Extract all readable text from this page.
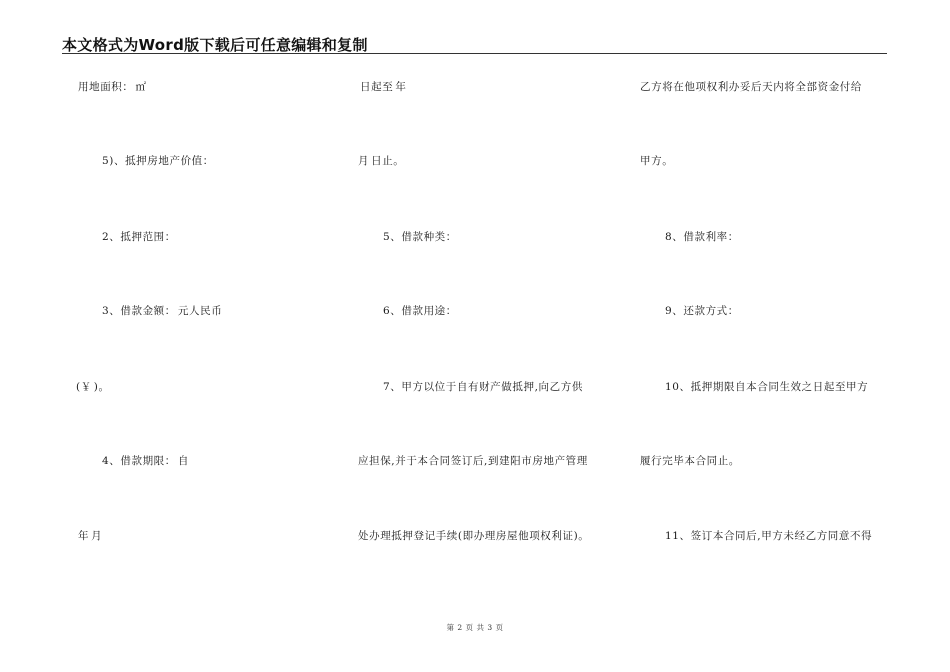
本文格式为Word版下载后可任意编辑和复制
用地面积： ㎡
5)、抵押房地产价值：
2、抵押范围：
3、借款金额： 元人民币
(￥ )。
4、借款期限： 自
年 月
日起至 年
月 日止。
5、借款种类：
6、借款用途：
7、甲方以位于自有财产做抵押,向乙方供
应担保,并于本合同签订后,到建阳市房地产管理
处办理抵押登记手续(即办理房屋他项权利证)。
乙方将在他项权利办妥后天内将全部资金付给
甲方。
8、借款利率：
9、还款方式：
10、抵押期限自本合同生效之日起至甲方
履行完毕本合同止。
11、签订本合同后,甲方未经乙方同意不得
第 2 页 共 3 页
